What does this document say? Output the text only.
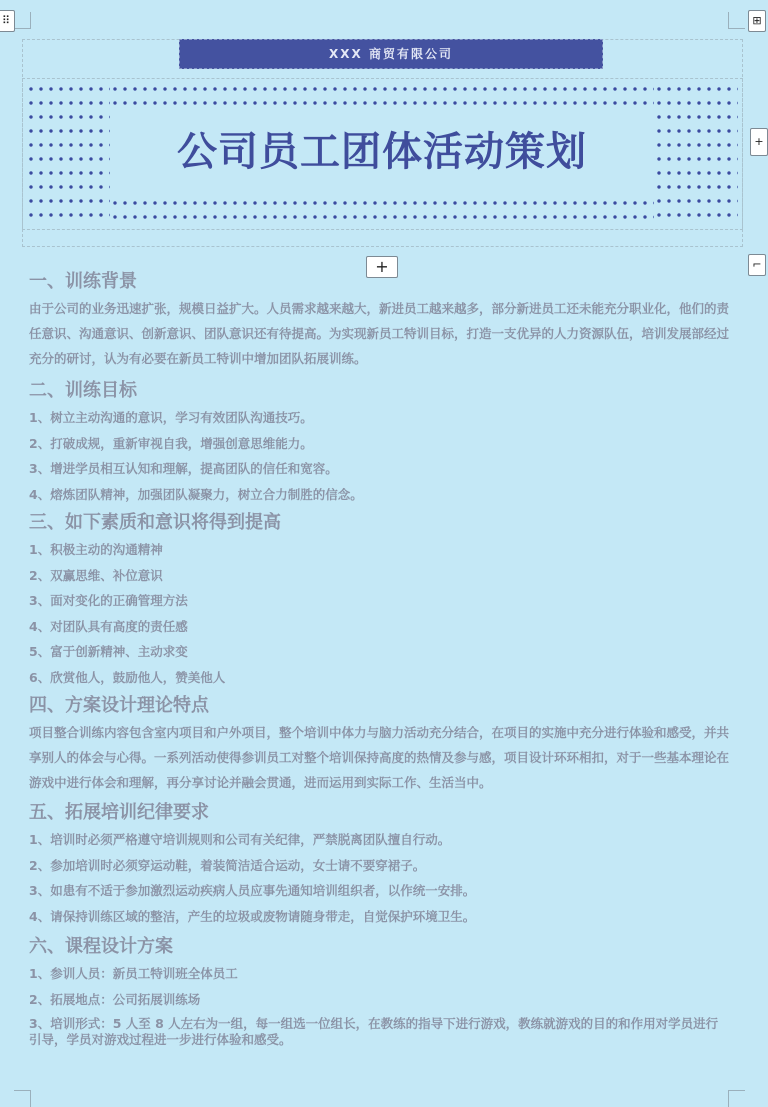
⠿	⊞
+
⌐
XXX 商贸有限公司
公司员工团体活动策划
+
一、训练背景

由于公司的业务迅速扩张，规模日益扩大。人员需求越来越大，新进员工越来越多，部分新进员工还未能充分职业化，他们的责任意识、沟通意识、创新意识、团队意识还有待提高。为实现新员工特训目标，打造一支优异的人力资源队伍，培训发展部经过充分的研讨，认为有必要在新员工特训中增加团队拓展训练。

二、训练目标
1、树立主动沟通的意识，学习有效团队沟通技巧。
2、打破成规，重新审视自我，增强创意思维能力。
3、增进学员相互认知和理解，提高团队的信任和宽容。
4、熔炼团队精神，加强团队凝聚力，树立合力制胜的信念。
三、如下素质和意识将得到提高
1、积极主动的沟通精神
2、双赢思维、补位意识
3、面对变化的正确管理方法
4、对团队具有高度的责任感
5、富于创新精神、主动求变
6、欣赏他人，鼓励他人，赞美他人
四、方案设计理论特点

项目整合训练内容包含室内项目和户外项目，整个培训中体力与脑力活动充分结合，在项目的实施中充分进行体验和感受，并共享别人的体会与心得。一系列活动使得参训员工对整个培训保持高度的热情及参与感，项目设计环环相扣，对于一些基本理论在游戏中进行体会和理解，再分享讨论并融会贯通，进而运用到实际工作、生活当中。

五、拓展培训纪律要求
1、培训时必须严格遵守培训规则和公司有关纪律，严禁脱离团队擅自行动。
2、参加培训时必须穿运动鞋，着装简洁适合运动，女士请不要穿裙子。
3、如患有不适于参加激烈运动疾病人员应事先通知培训组织者，以作统一安排。
4、请保持训练区域的整洁，产生的垃圾或废物请随身带走，自觉保护环境卫生。
六、课程设计方案
1、参训人员：新员工特训班全体员工
2、拓展地点：公司拓展训练场
3、培训形式：5 人至 8 人左右为一组，每一组选一位组长，在教练的指导下进行游戏，教练就游戏的目的和作用对学员进行引导，学员对游戏过程进一步进行体验和感受。
